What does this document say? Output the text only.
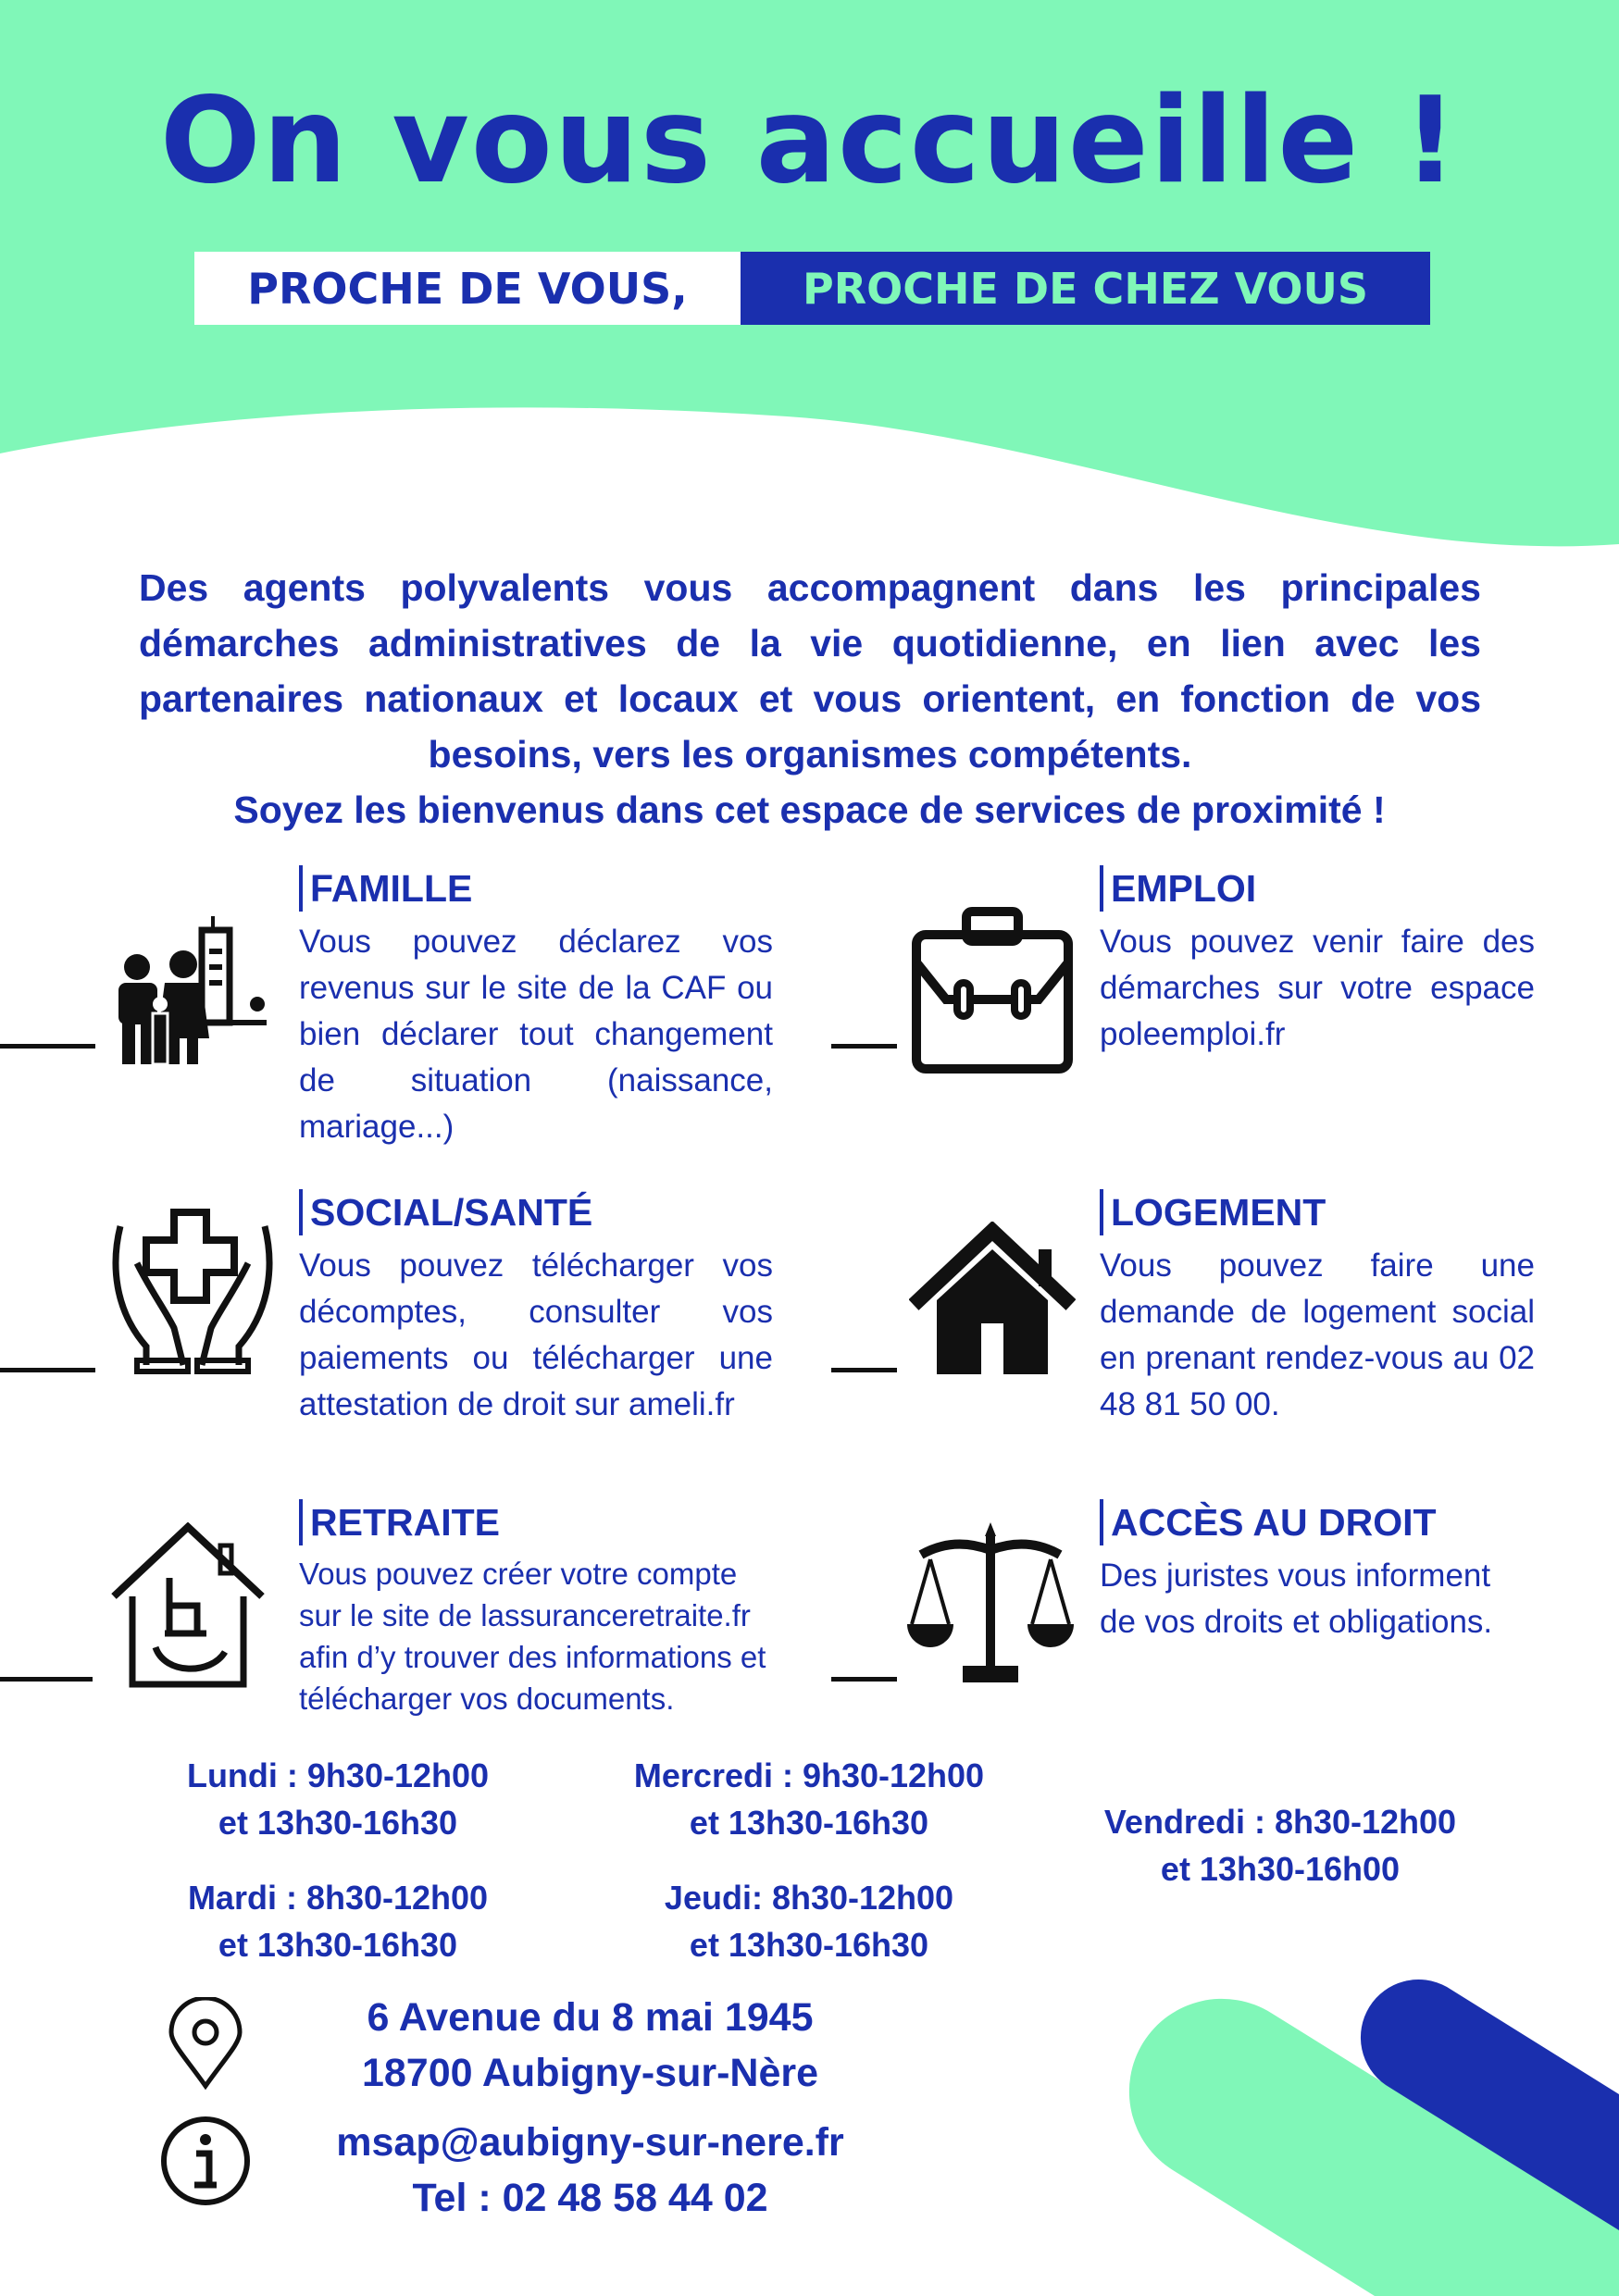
On vous accueille !
PROCHE DE VOUS,	PROCHE DE CHEZ VOUS
Des agents polyvalents vous accompagnent dans les principales démarches administratives de la vie quotidienne, en lien avec les partenaires nationaux et locaux et vous orientent, en fonction de vos besoins, vers les organismes compétents.
Soyez les bienvenus dans cet espace de services de proximité !
FAMILLE

Vous pouvez déclarez vos revenus sur le site de la CAF ou bien déclarer tout changement de situation (naissance, mariage...)

EMPLOI

Vous pouvez venir faire des démarches sur votre espace poleemploi.fr

SOCIAL/SANTÉ

Vous pouvez télécharger vos décomptes, consulter vos paiements ou télécharger une attestation de droit sur ameli.fr

LOGEMENT

Vous pouvez faire une demande de logement social en prenant rendez-vous au 02 48 81 50 00.

RETRAITE

Vous pouvez créer votre compte sur le site de lassuranceretraite.fr afin d’y trouver des informations et télécharger vos documents.

ACCÈS AU DROIT

Des juristes vous informent de vos droits et obligations.

Lundi : 9h30-12h00
et 13h30-16h30
Mardi : 8h30-12h00
et 13h30-16h30
Mercredi : 9h30-12h00
et 13h30-16h30
Jeudi: 8h30-12h00
et 13h30-16h30
Vendredi : 8h30-12h00
et 13h30-16h00
6 Avenue du 8 mai 1945
18700 Aubigny-sur-Nère
msap@aubigny-sur-nere.fr
Tel : 02 48 58 44 02
